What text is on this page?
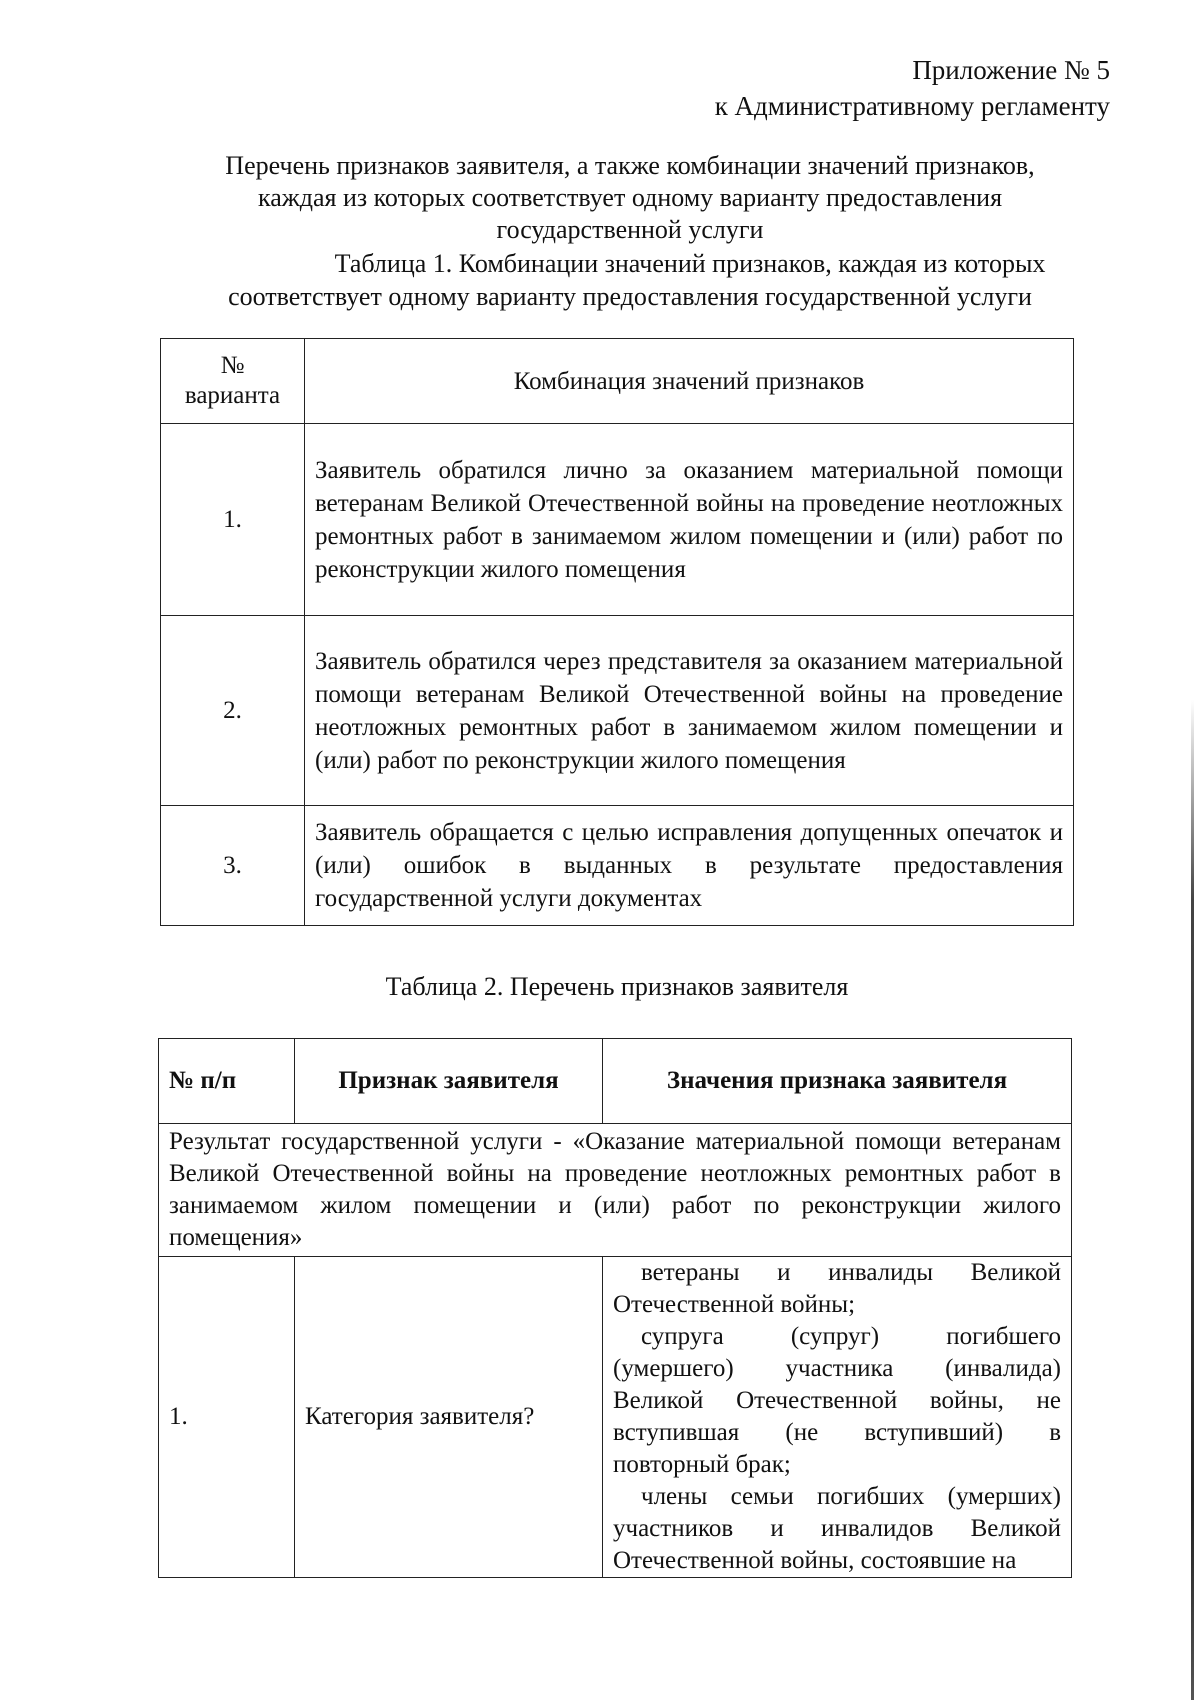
Приложение № 5
к Административному регламенту
Перечень признаков заявителя, а также комбинации значений признаков,
каждая из которых соответствует одному варианту предоставления
государственной услуги
Таблица 1. Комбинации значений признаков, каждая из которых
соответствует одному варианту предоставления государственной услуги
№
варианта	Комбинация значений признаков
1.	Заявитель обратился лично за оказанием материальной помощи ветеранам Великой Отечественной войны на проведение неотложных ремонтных работ в занимаемом жилом помещении и (или) работ по реконструкции жилого помещения
2.	Заявитель обратился через представителя за оказанием материальной помощи ветеранам Великой Отечественной войны на проведение неотложных ремонтных работ в занимаемом жилом помещении и (или) работ по реконструкции жилого помещения
3.	Заявитель обращается с целью исправления допущенных опечаток и (или) ошибок в выданных в результате предоставления государственной услуги документах
Таблица 2. Перечень признаков заявителя
№ п/п	Признак заявителя	Значения признака заявителя
Результат государственной услуги - «Оказание материальной помощи ветеранам Великой Отечественной войны на проведение неотложных ремонтных работ в занимаемом жилом помещении и (или) работ по реконструкции жилого помещения»		
1.	Категория заявителя?	ветераны и инвалиды Великой Отечественной войны;

супруга (супруг) погибшего (умершего) участника (инвалида) Великой Отечественной войны, не вступившая (не вступивший) в повторный брак;

члены семьи погибших (умерших) участников и инвалидов Великой Отечественной войны, состоявшие на
